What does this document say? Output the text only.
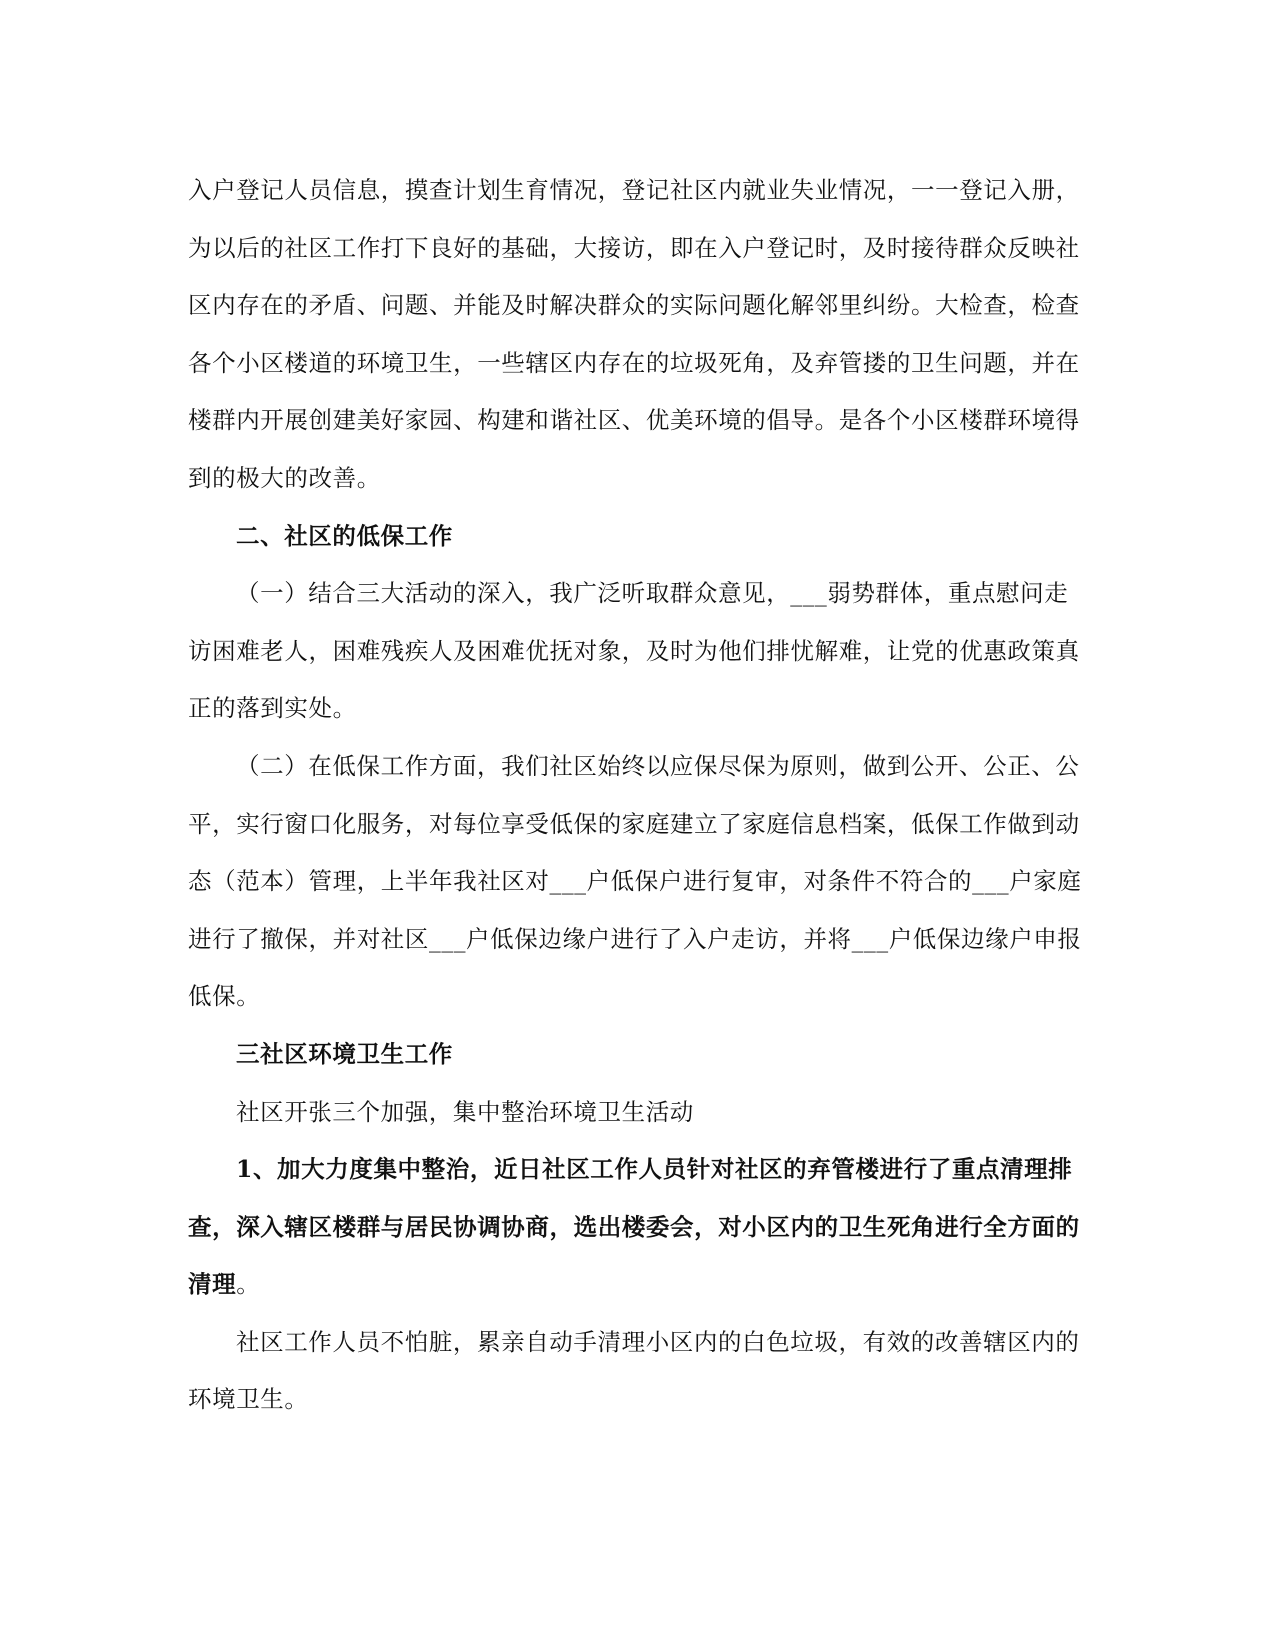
入户登记人员信息，摸查计划生育情况，登记社区内就业失业情况，一一登记入册，为以后的社区工作打下良好的基础，大接访，即在入户登记时，及时接待群众反映社区内存在的矛盾、问题、并能及时解决群众的实际问题化解邻里纠纷。大检查，检查各个小区楼道的环境卫生，一些辖区内存在的垃圾死角，及弃管搂的卫生问题，并在楼群内开展创建美好家园、构建和谐社区、优美环境的倡导。是各个小区楼群环境得到的极大的改善。

二、社区的低保工作

（一）结合三大活动的深入，我广泛听取群众意见，___弱势群体，重点慰问走访困难老人，困难残疾人及困难优抚对象，及时为他们排忧解难，让党的优惠政策真正的落到实处。

（二）在低保工作方面，我们社区始终以应保尽保为原则，做到公开、公正、公平，实行窗口化服务，对每位享受低保的家庭建立了家庭信息档案，低保工作做到动态（范本）管理，上半年我社区对___户低保户进行复审，对条件不符合的___户家庭进行了撤保，并对社区___户低保边缘户进行了入户走访，并将___户低保边缘户申报低保。

三社区环境卫生工作

社区开张三个加强，集中整治环境卫生活动

1、加大力度集中整治，近日社区工作人员针对社区的弃管楼进行了重点清理排查，深入辖区楼群与居民协调协商，选出楼委会，对小区内的卫生死角进行全方面的清理。

社区工作人员不怕脏，累亲自动手清理小区内的白色垃圾，有效的改善辖区内的环境卫生。
